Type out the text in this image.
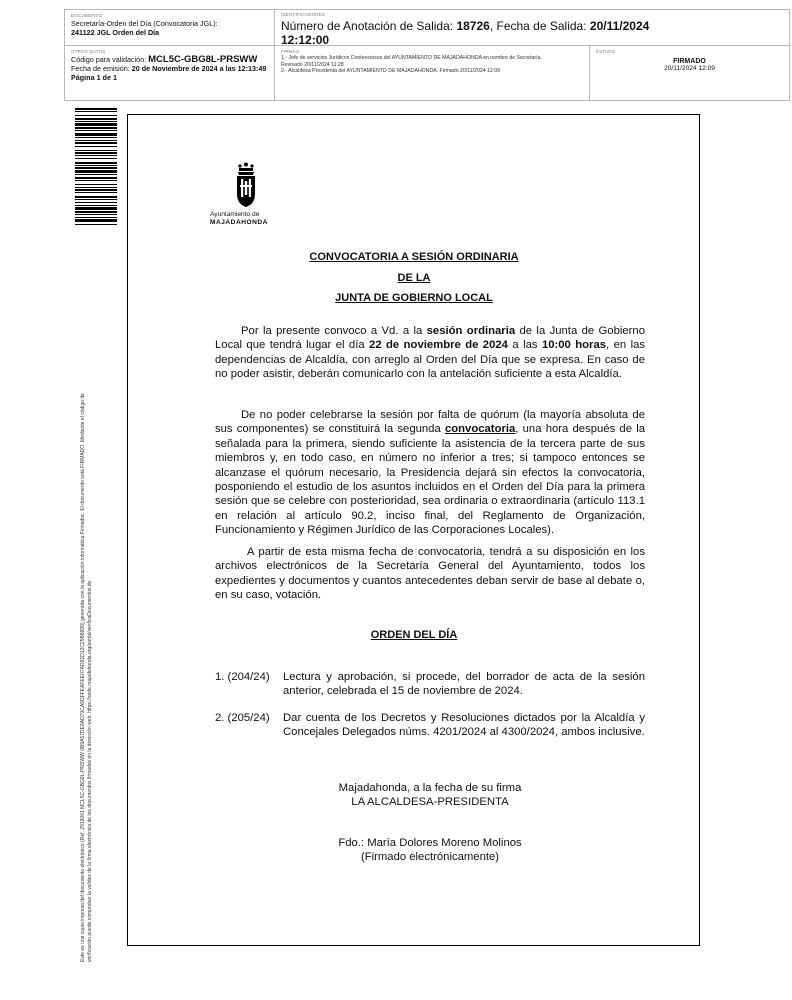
DOCUMENTO
Secretaría-Orden del Día (Convocatoria JGL):
241122 JGL Orden del Día
IDENTIFICADORES
Número de Anotación de Salida: 18726, Fecha de Salida: 20/11/2024
12:12:00
OTROS DATOS
Código para validación: MCL5C-GBG8L-PRSWW
Fecha de emisión: 20 de Noviembre de 2024 a las 12:13:49
Página 1 de 1
FIRMAS
1.- Jefe de servicios Jurídicos Contenciosos del AYUNTAMIENTO DE MAJADAHONDA en nombre de Secretaría.
Revisado 20/11/2024 11:28
2.- Alcaldesa Presidenta del AYUNTAMIENTO DE MAJADAHONDA. Firmado 20/11/2024 12:09
ESTADO
FIRMADO
20/11/2024 12:09
Este es una copia impresa del documento electrónico (Ref: 2919061 MCL5C-GBG8L-PRSWW 0B9A57DE8AD70CA9DFFEAFEE07AD91D12C25B8999) generada con la aplicación informática Firmadoc. El documento está FIRMADO. Mediante el código de verificación puede comprobar la validez de la firma electrónica de los documentos firmados en la dirección web: https://sede.majadahonda.org/portal/verificaDocumentos.do
Ayuntamiento de
MAJADAHONDA
CONVOCATORIA A SESIÓN ORDINARIA
DE LA
JUNTA DE GOBIERNO LOCAL

Por la presente convoco a Vd. a la sesión ordinaria de la Junta de Gobierno Local que tendrá lugar el día 22 de noviembre de 2024 a las 10:00 horas, en las dependencias de Alcaldía, con arreglo al Orden del Día que se expresa. En caso de no poder asistir, deberán comunicarlo con la antelación suficiente a esta Alcaldía.

De no poder celebrarse la sesión por falta de quórum (la mayoría absoluta de sus componentes) se constituirá la segunda convocatoria, una hora después de la señalada para la primera, siendo suficiente la asistencia de la tercera parte de sus miembros y, en todo caso, en número no inferior a tres; si tampoco entonces se alcanzase el quórum necesario, la Presidencia dejará sin efectos la convocatoria, posponiendo el estudio de los asuntos incluidos en el Orden del Día para la primera sesión que se celebre con posterioridad, sea ordinaria o extraordinaria (artículo 113.1 en relación al artículo 90.2, inciso final, del Reglamento de Organización, Funcionamiento y Régimen Jurídico de las Corporaciones Locales).

A partir de esta misma fecha de convocatoria, tendrá a su disposición en los archivos electrónicos de la Secretaría General del Ayuntamiento, todos los expedientes y documentos y cuantos antecedentes deban servir de base al debate o, en su caso, votación.

ORDEN DEL DÍA
1. (204/24)	Lectura y aprobación, si procede, del borrador de acta de la sesión anterior, celebrada el 15 de noviembre de 2024.
2. (205/24)	Dar cuenta de los Decretos y Resoluciones dictados por la Alcaldía y Concejales Delegados núms. 4201/2024 al 4300/2024, ambos inclusive.
Majadahonda, a la fecha de su firma
LA ALCALDESA-PRESIDENTA
Fdo.: María Dolores Moreno Molinos
(Firmado electrónicamente)
